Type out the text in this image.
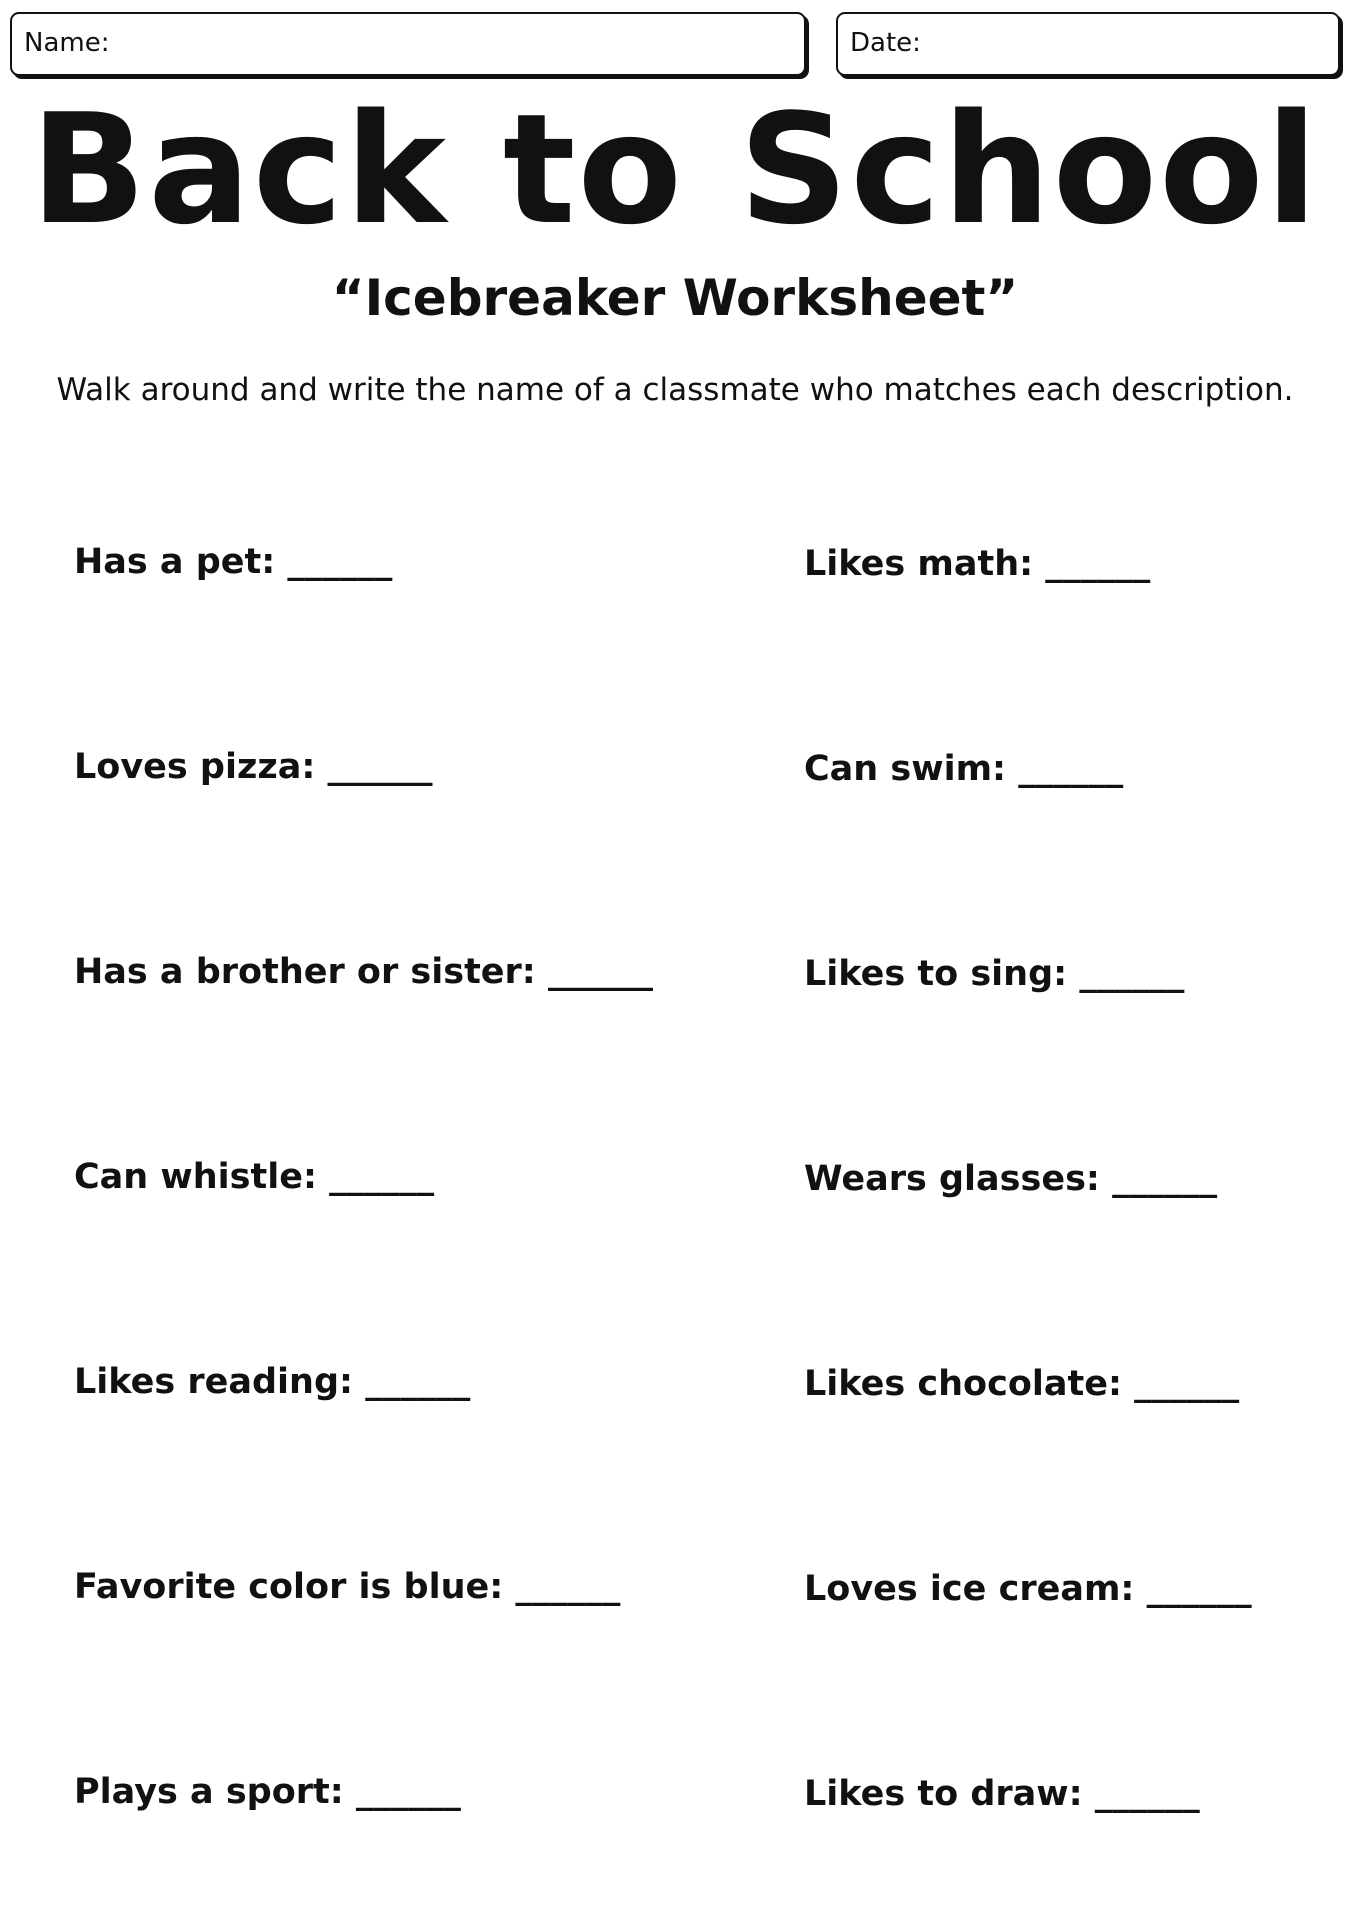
Name:	Date:
Back to School
“Icebreaker Worksheet”

Walk around and write the name of a classmate who matches each description.

Has a pet: ______
Loves pizza: ______
Has a brother or sister: ______
Can whistle: ______
Likes reading: ______
Favorite color is blue: ______
Plays a sport: ______
Likes math: ______
Can swim: ______
Likes to sing: ______
Wears glasses: ______
Likes chocolate: ______
Loves ice cream: ______
Likes to draw: ______
